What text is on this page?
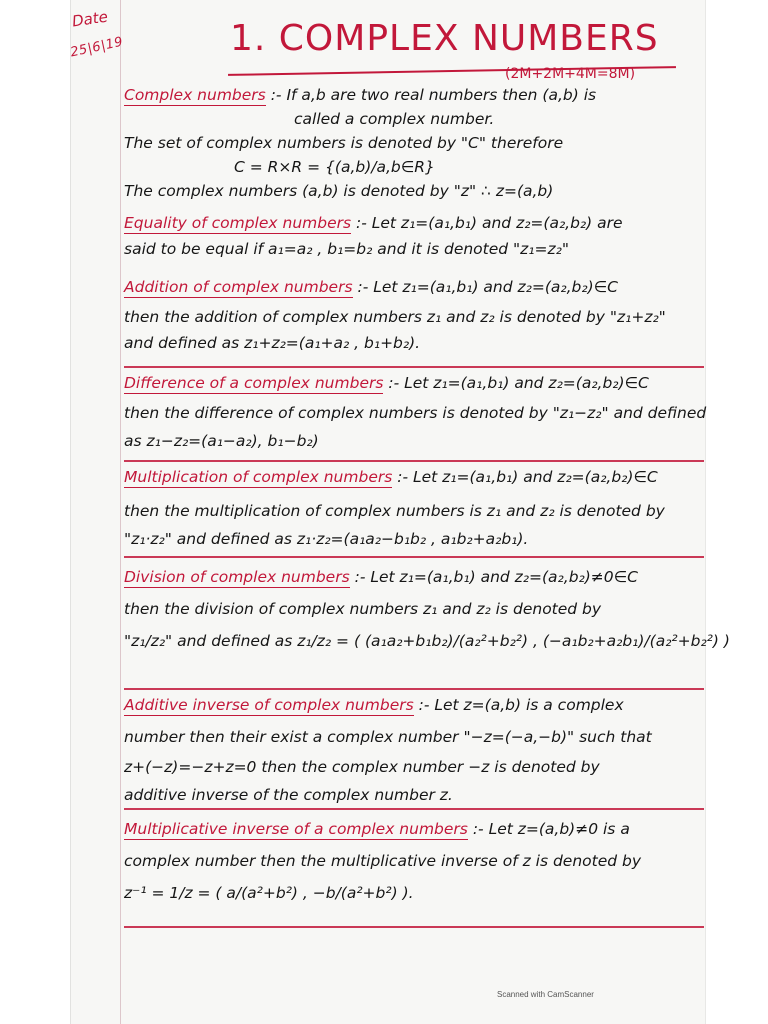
Date
25|6|19	1. COMPLEX NUMBERS
(2M+2M+4M=8M)
Complex numbers :- If a,b are two real numbers then (a,b) is
called a complex number.
The set of complex numbers is denoted by "C" therefore
C = R×R = {(a,b)/a,b∈R}
The complex numbers (a,b) is denoted by "z" ∴ z=(a,b)
Equality of complex numbers :- Let z₁=(a₁,b₁) and z₂=(a₂,b₂) are
said to be equal if a₁=a₂ , b₁=b₂ and it is denoted "z₁=z₂"
Addition of complex numbers :- Let z₁=(a₁,b₁) and z₂=(a₂,b₂)∈C
then the addition of complex numbers z₁ and z₂ is denoted by "z₁+z₂"
and defined as z₁+z₂=(a₁+a₂ , b₁+b₂).
Difference of a complex numbers :- Let z₁=(a₁,b₁) and z₂=(a₂,b₂)∈C
then the difference of complex numbers is denoted by "z₁−z₂" and defined
as z₁−z₂=(a₁−a₂), b₁−b₂)
Multiplication of complex numbers :- Let z₁=(a₁,b₁) and z₂=(a₂,b₂)∈C
then the multiplication of complex numbers is z₁ and z₂ is denoted by
"z₁·z₂" and defined as z₁·z₂=(a₁a₂−b₁b₂ , a₁b₂+a₂b₁).
Division of complex numbers :- Let z₁=(a₁,b₁) and z₂=(a₂,b₂)≠0∈C
then the division of complex numbers z₁ and z₂ is denoted by
"z₁/z₂" and defined as z₁/z₂ = ( (a₁a₂+b₁b₂)/(a₂²+b₂²) , (−a₁b₂+a₂b₁)/(a₂²+b₂²) )
Additive inverse of complex numbers :- Let z=(a,b) is a complex
number then their exist a complex number "−z=(−a,−b)" such that
z+(−z)=−z+z=0 then the complex number −z is denoted by
additive inverse of the complex number z.
Multiplicative inverse of a complex numbers :- Let z=(a,b)≠0 is a
complex number then the multiplicative inverse of z is denoted by
z⁻¹ = 1/z = ( a/(a²+b²) , −b/(a²+b²) ).
Scanned with CamScanner
